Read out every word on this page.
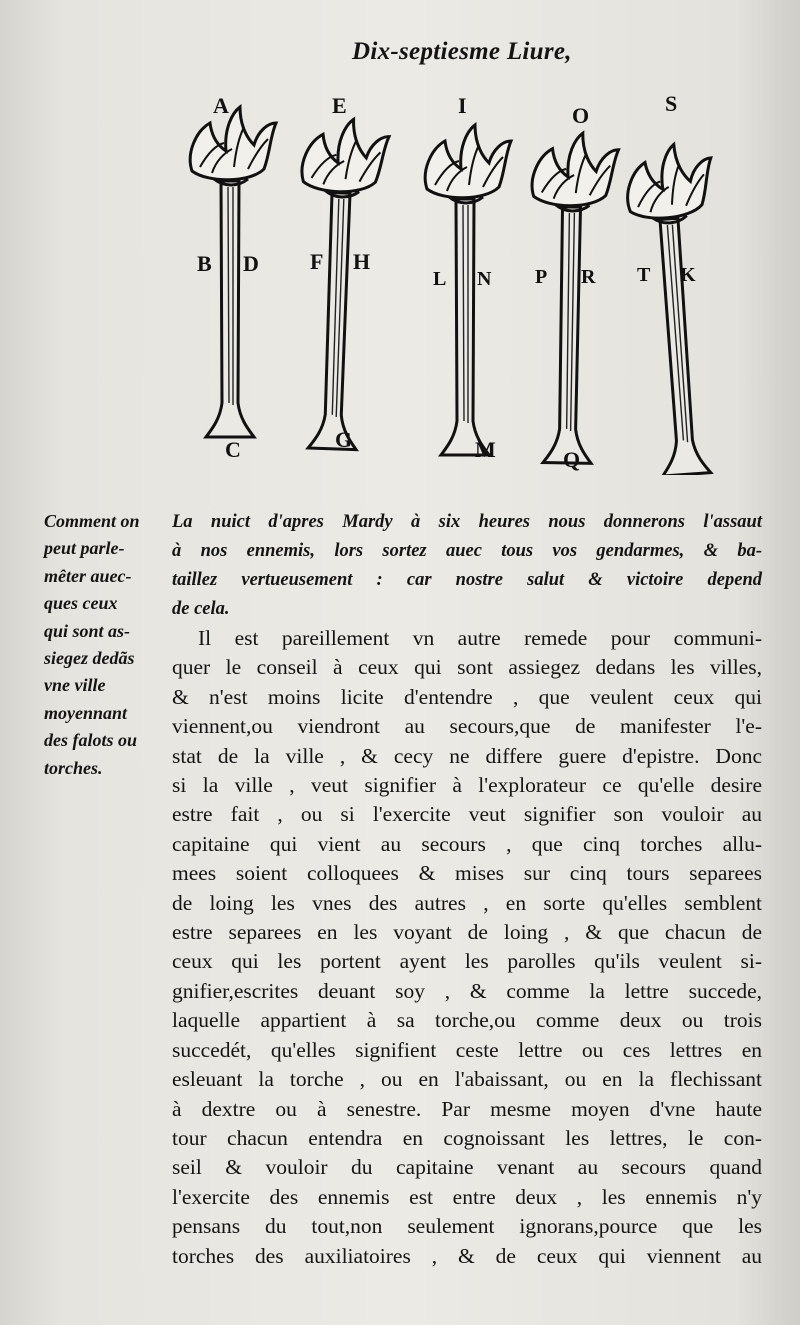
Dix-septiesme Liure,
A	E	I	O	S
B D F H
L N P R T K
C	G	M	Q
Comment on
peut parle-
mêter auec-
ques ceux
qui sont as-
siegez dedãs
vne ville
moyennant
des falots ou
torches.
La nuict d'apres Mardy à six heures nous donnerons l'assaut
à nos ennemis, lors sortez auec tous vos gendarmes, & ba-
taillez vertueusement : car nostre salut & victoire depend
de cela.
Il est pareillement vn autre remede pour communi-
quer le conseil à ceux qui sont assiegez dedans les villes,
& n'est moins licite d'entendre , que veulent ceux qui
viennent,ou viendront au secours,que de manifester l'e-
stat de la ville , & cecy ne differe guere d'epistre. Donc
si la ville , veut signifier à l'explorateur ce qu'elle desire
estre fait , ou si l'exercite veut signifier son vouloir au
capitaine qui vient au secours , que cinq torches allu-
mees soient colloquees & mises sur cinq tours separees
de loing les vnes des autres , en sorte qu'elles semblent
estre separees en les voyant de loing , & que chacun de
ceux qui les portent ayent les parolles qu'ils veulent si-
gnifier,escrites deuant soy , & comme la lettre succede,
laquelle appartient à sa torche,ou comme deux ou trois
succedét, qu'elles signifient ceste lettre ou ces lettres en
esleuant la torche , ou en l'abaissant, ou en la flechissant
à dextre ou à senestre. Par mesme moyen d'vne haute
tour chacun entendra en cognoissant les lettres, le con-
seil & vouloir du capitaine venant au secours quand
l'exercite des ennemis est entre deux , les ennemis n'y
pensans du tout,non seulement ignorans,pource que les
torches des auxiliatoires , & de ceux qui viennent au
